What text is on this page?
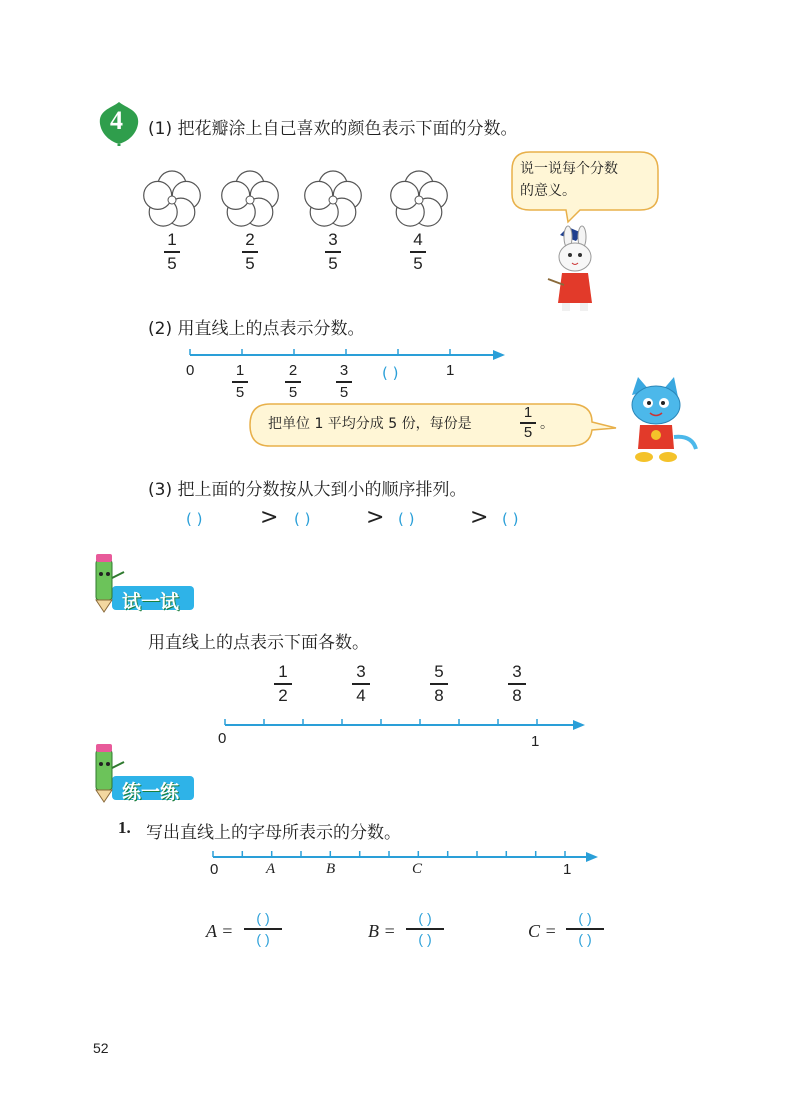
4 (1) 把花瓣涂上自己喜欢的颜色表示下面的分数。
1
5
2
5
3
5
4
5
说一说每个分数
的意义。
(2) 用直线上的点表示分数。
0	1
1
5
2
5
3
5
( )
把单位 1 平均分成 5 份，每份是
1
5 。
(3) 把上面的分数按从大到小的顺序排列。
( )	> ( )	> ( )	> ( )
试一试
用直线上的点表示下面各数。
1
2
3
4
5
8
3
8
0	1
练一练
1. 写出直线上的字母所表示的分数。
0	1
A	B	C
A =
( )
( )	B =
( )
( )	C =
( )
( )
52
